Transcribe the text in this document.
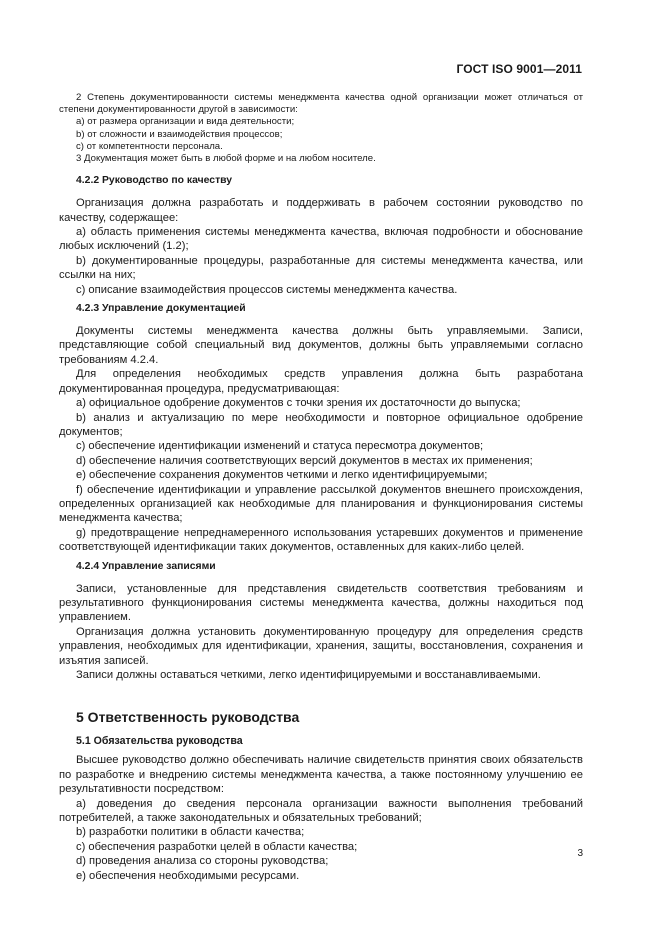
ГОСТ ISO 9001—2011

2 Степень документированности системы менеджмента качества одной организации может отличаться от степени документированности другой в зависимости:

a) от размера организации и вида деятельности;

b) от сложности и взаимодействия процессов;

c) от компетентности персонала.

3 Документация может быть в любой форме и на любом носителе.

4.2.2 Руководство по качеству

Организация должна разработать и поддерживать в рабочем состоянии руководство по качеству, содержащее:

a) область применения системы менеджмента качества, включая подробности и обоснование любых исключений (1.2);

b) документированные процедуры, разработанные для системы менеджмента качества, или ссылки на них;

c) описание взаимодействия процессов системы менеджмента качества.

4.2.3 Управление документацией

Документы системы менеджмента качества должны быть управляемыми. Записи, представляющие собой специальный вид документов, должны быть управляемыми согласно требованиям 4.2.4.

Для определения необходимых средств управления должна быть разработана документированная процедура, предусматривающая:

a) официальное одобрение документов с точки зрения их достаточности до выпуска;

b) анализ и актуализацию по мере необходимости и повторное официальное одобрение документов;

c) обеспечение идентификации изменений и статуса пересмотра документов;

d) обеспечение наличия соответствующих версий документов в местах их применения;

e) обеспечение сохранения документов четкими и легко идентифицируемыми;

f) обеспечение идентификации и управление рассылкой документов внешнего происхождения, определенных организацией как необходимые для планирования и функционирования системы менеджмента качества;

g) предотвращение непреднамеренного использования устаревших документов и применение соответствующей идентификации таких документов, оставленных для каких-либо целей.

4.2.4 Управление записями

Записи, установленные для представления свидетельств соответствия требованиям и результативного функционирования системы менеджмента качества, должны находиться под управлением.

Организация должна установить документированную процедуру для определения средств управления, необходимых для идентификации, хранения, защиты, восстановления, сохранения и изъятия записей.

Записи должны оставаться четкими, легко идентифицируемыми и восстанавливаемыми.

5 Ответственность руководства

5.1 Обязательства руководства

Высшее руководство должно обеспечивать наличие свидетельств принятия своих обязательств по разработке и внедрению системы менеджмента качества, а также постоянному улучшению ее результативности посредством:

a) доведения до сведения персонала организации важности выполнения требований потребителей, а также законодательных и обязательных требований;

b) разработки политики в области качества;

c) обеспечения разработки целей в области качества;

d) проведения анализа со стороны руководства;

e) обеспечения необходимыми ресурсами.

3
